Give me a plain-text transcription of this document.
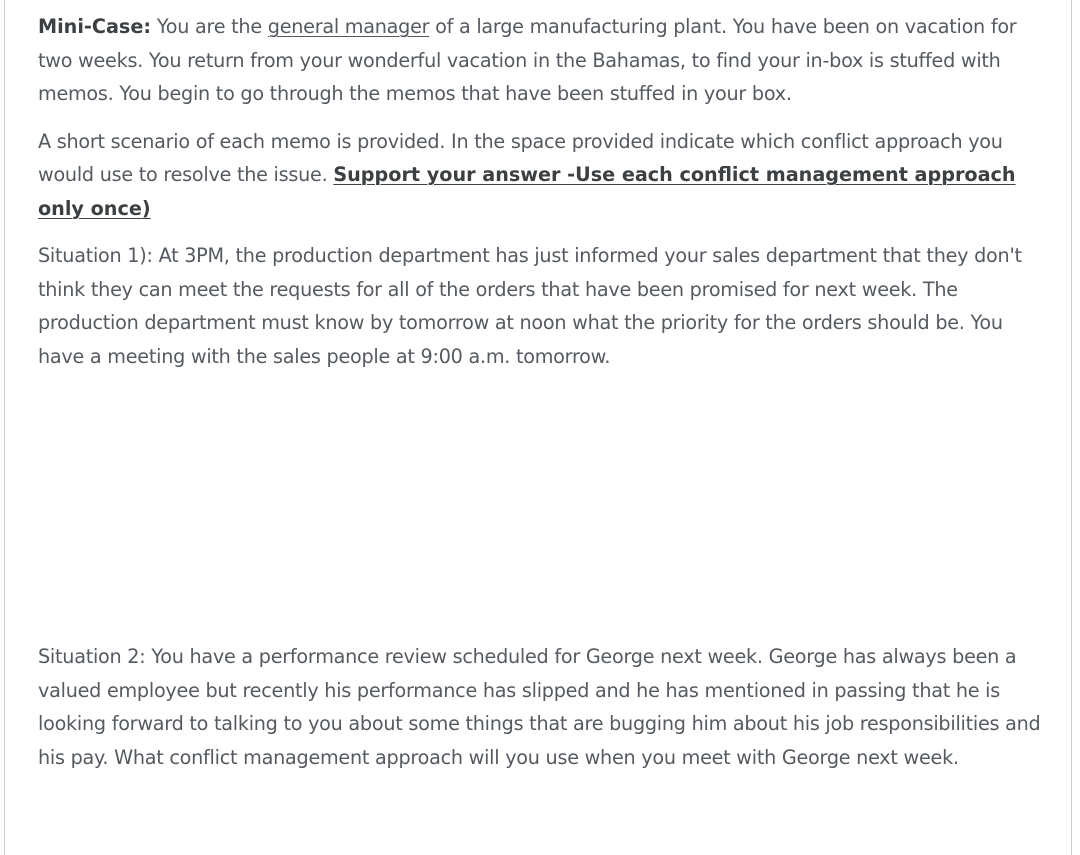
Mini-Case: You are the general manager of a large manufacturing plant. You have been on vacation for two weeks. You return from your wonderful vacation in the Bahamas, to find your in-box is stuffed with memos. You begin to go through the memos that have been stuffed in your box.

A short scenario of each memo is provided. In the space provided indicate which conflict approach you would use to resolve the issue. Support your answer -Use each conflict management approach only once)

Situation 1): At 3PM, the production department has just informed your sales department that they don't think they can meet the requests for all of the orders that have been promised for next week. The production department must know by tomorrow at noon what the priority for the orders should be. You have a meeting with the sales people at 9:00 a.m. tomorrow.

Situation 2: You have a performance review scheduled for George next week. George has always been a valued employee but recently his performance has slipped and he has mentioned in passing that he is looking forward to talking to you about some things that are bugging him about his job responsibilities and his pay. What conflict management approach will you use when you meet with George next week.
